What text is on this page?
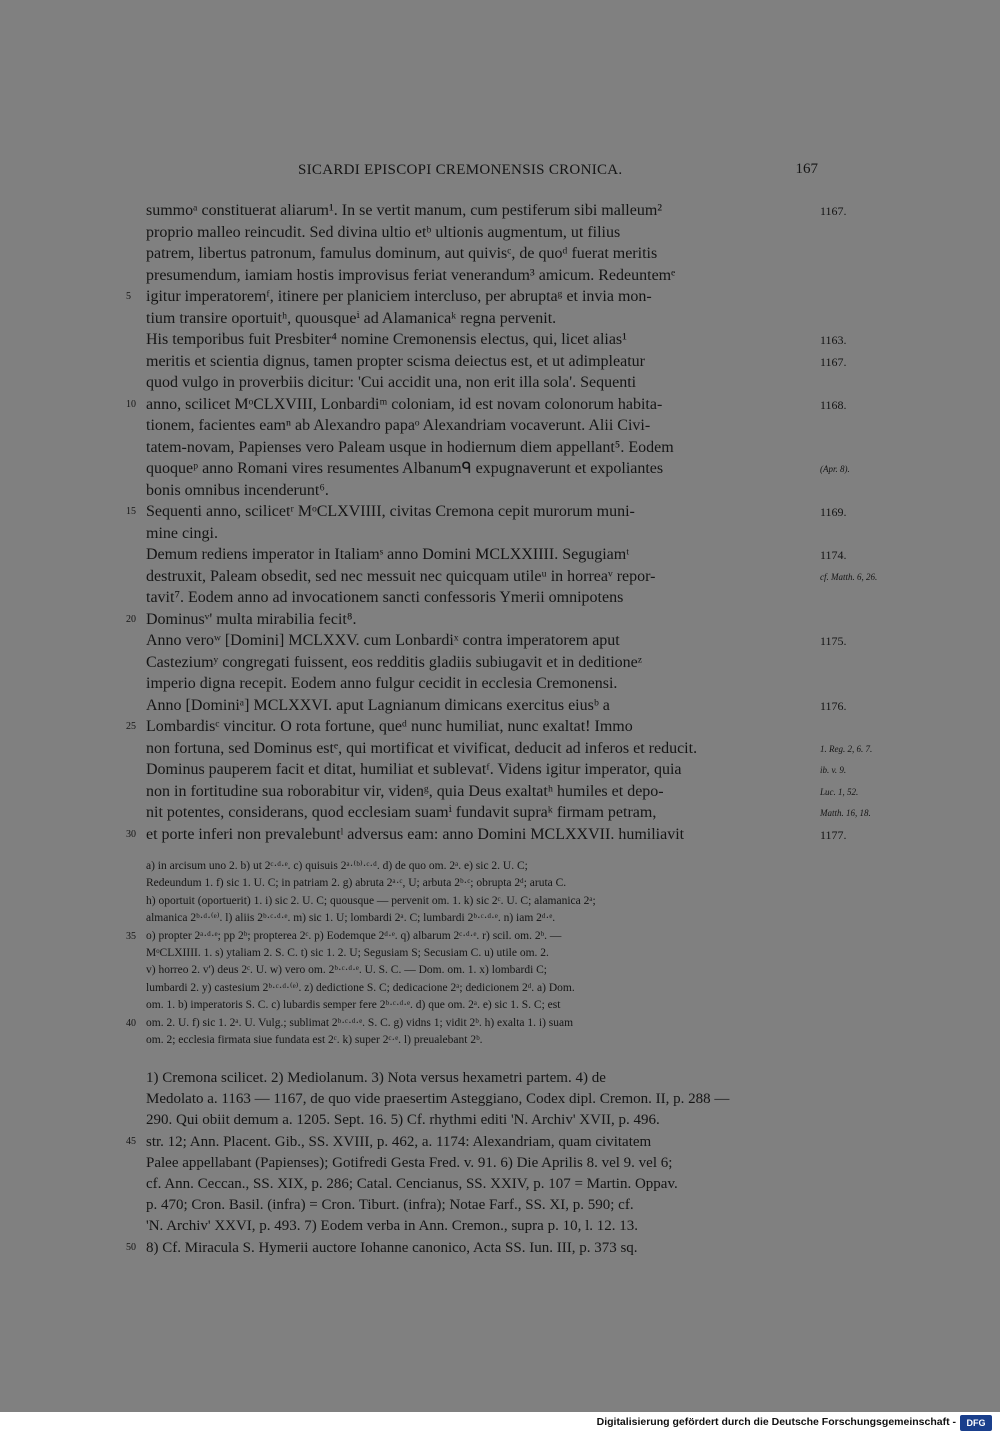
SICARDI EPISCOPI CREMONENSIS CRONICA.	167
summoᵃ constituerat aliarum¹. In se vertit manum, cum pestiferum sibi malleum²	1167.
proprio malleo reincudit. Sed divina ultio etᵇ ultionis augmentum, ut filius
patrem, libertus patronum, famulus dominum, aut quivisᶜ, de quoᵈ fuerat meritis
presumendum, iamiam hostis improvisus feriat venerandum³ amicum. Redeuntemᵉ
igitur imperatoremᶠ, itinere per planiciem intercluso, per abruptaᵍ et invia mon-
5
tium transire oportuitʰ, quousqueⁱ ad Alamanicaᵏ regna pervenit.
His temporibus fuit Presbiter⁴ nomine Cremonensis electus, qui, licet alias¹	1163.
meritis et scientia dignus, tamen propter scisma deiectus est, et ut adimpleatur	1167.
quod vulgo in proverbiis dicitur: 'Cui accidit una, non erit illa sola'. Sequenti
anno, scilicet MᵒCLXVIII, Lonbardiᵐ coloniam, id est novam colonorum habita-
10	1168.
tionem, facientes eamⁿ ab Alexandro papaᵒ Alexandriam vocaverunt. Alii Civi-
tatem-novam, Papienses vero Paleam usque in hodiernum diem appellant⁵. Eodem
quoqueᵖ anno Romani vires resumentes Albanumᑫ expugnaverunt et expoliantes	(Apr. 8).
bonis omnibus incenderunt⁶.
Sequenti anno, scilicetʳ MᵒCLXVIIII, civitas Cremona cepit murorum muni-
15	1169.
mine cingi.
Demum rediens imperator in Italiamˢ anno Domini MCLXXIIII. Segugiamᵗ	1174.
destruxit, Paleam obsedit, sed nec messuit nec quicquam utileᵘ in horreaᵛ repor-	cf. Matth. 6, 26.
tavit⁷. Eodem anno ad invocationem sancti confessoris Ymerii omnipotens
Dominusᵛ' multa mirabilia fecit⁸.
20
Anno veroʷ [Domini] MCLXXV. cum Lonbardiˣ contra imperatorem aput	1175.
Casteziumʸ congregati fuissent, eos redditis gladiis subiugavit et in deditioneᶻ
imperio digna recepit. Eodem anno fulgur cecidit in ecclesia Cremonensi.
Anno [Dominiᵃ] MCLXXVI. aput Lagnianum dimicans exercitus eiusᵇ a	1176.
Lombardisᶜ vincitur. O rota fortune, queᵈ nunc humiliat, nunc exaltat! Immo
25
non fortuna, sed Dominus estᵉ, qui mortificat et vivificat, deducit ad inferos et reducit.	1. Reg. 2, 6. 7.
Dominus pauperem facit et ditat, humiliat et sublevatᶠ. Videns igitur imperator, quia	ib. v. 9.
non in fortitudine sua roborabitur vir, videnᵍ, quia Deus exaltatʰ humiles et depo-	Luc. 1, 52.
nit potentes, considerans, quod ecclesiam suamⁱ fundavit supraᵏ firmam petram,	Matth. 16, 18.
et porte inferi non prevalebuntˡ adversus eam: anno Domini MCLXXVII. humiliavit
30	1177.
a) in arcisum uno 2. b) ut 2ᶜ·ᵈ·ᵉ. c) quisuis 2ᵃ·⁽ᵇ⁾·ᶜ·ᵈ. d) de quo om. 2ᵃ. e) sic 2. U. C;
Redeundum 1. f) sic 1. U. C; in patriam 2. g) abruta 2ᵃ·ᶜ, U; arbuta 2ᵇ·ᶜ; obrupta 2ᵈ; aruta C.
h) oportuit (oportuerit) 1. i) sic 2. U. C; quousque — pervenit om. 1. k) sic 2ᶜ. U. C; alamanica 2ᵃ;
almanica 2ᵇ·ᵈ·⁽ᵉ⁾. l) aliis 2ᵇ·ᶜ·ᵈ·ᵉ. m) sic 1. U; lombardi 2ᵃ. C; lumbardi 2ᵇ·ᶜ·ᵈ·ᵉ. n) iam 2ᵈ·ᵉ.
o) propter 2ᵃ·ᵈ·ᵉ; pp 2ᵇ; propterea 2ᶜ. p) Eodemque 2ᵈ·ᵉ. q) albarum 2ᶜ·ᵈ·ᵉ. r) scil. om. 2ᵇ. —
35
MᵒCLXIIII. 1. s) ytaliam 2. S. C. t) sic 1. 2. U; Segusiam S; Secusiam C. u) utile om. 2.
v) horreo 2. v') deus 2ᶜ. U. w) vero om. 2ᵇ·ᶜ·ᵈ·ᵉ. U. S. C. — Dom. om. 1. x) lombardi C;
lumbardi 2. y) castesium 2ᵇ·ᶜ·ᵈ·⁽ᵉ⁾. z) dedictione S. C; dedicacione 2ᵃ; dedicionem 2ᵈ. a) Dom.
om. 1. b) imperatoris S. C. c) lubardis semper fere 2ᵇ·ᶜ·ᵈ·ᵉ. d) que om. 2ᵃ. e) sic 1. S. C; est
om. 2. U. f) sic 1. 2ᵃ. U. Vulg.; sublimat 2ᵇ·ᶜ·ᵈ·ᵉ. S. C. g) vidns 1; vidit 2ᵇ. h) exalta 1. i) suam
40
om. 2; ecclesia firmata siue fundata est 2ᶜ. k) super 2ᶜ·ᵉ. l) preualebant 2ᵇ.
1) Cremona scilicet. 2) Mediolanum. 3) Nota versus hexametri partem. 4) de
Medolato a. 1163 — 1167, de quo vide praesertim Asteggiano, Codex dipl. Cremon. II, p. 288 —
290. Qui obiit demum a. 1205. Sept. 16. 5) Cf. rhythmi editi 'N. Archiv' XVII, p. 496.
str. 12; Ann. Placent. Gib., SS. XVIII, p. 462, a. 1174: Alexandriam, quam civitatem
45
Palee appellabant (Papienses); Gotifredi Gesta Fred. v. 91. 6) Die Aprilis 8. vel 9. vel 6;
cf. Ann. Ceccan., SS. XIX, p. 286; Catal. Cencianus, SS. XXIV, p. 107 = Martin. Oppav.
p. 470; Cron. Basil. (infra) = Cron. Tiburt. (infra); Notae Farf., SS. XI, p. 590; cf.
'N. Archiv' XXVI, p. 493. 7) Eodem verba in Ann. Cremon., supra p. 10, l. 12. 13.
8) Cf. Miracula S. Hymerii auctore Iohanne canonico, Acta SS. Iun. III, p. 373 sq.
50
Digitalisierung gefördert durch die Deutsche Forschungsgemeinschaft -	DFG
